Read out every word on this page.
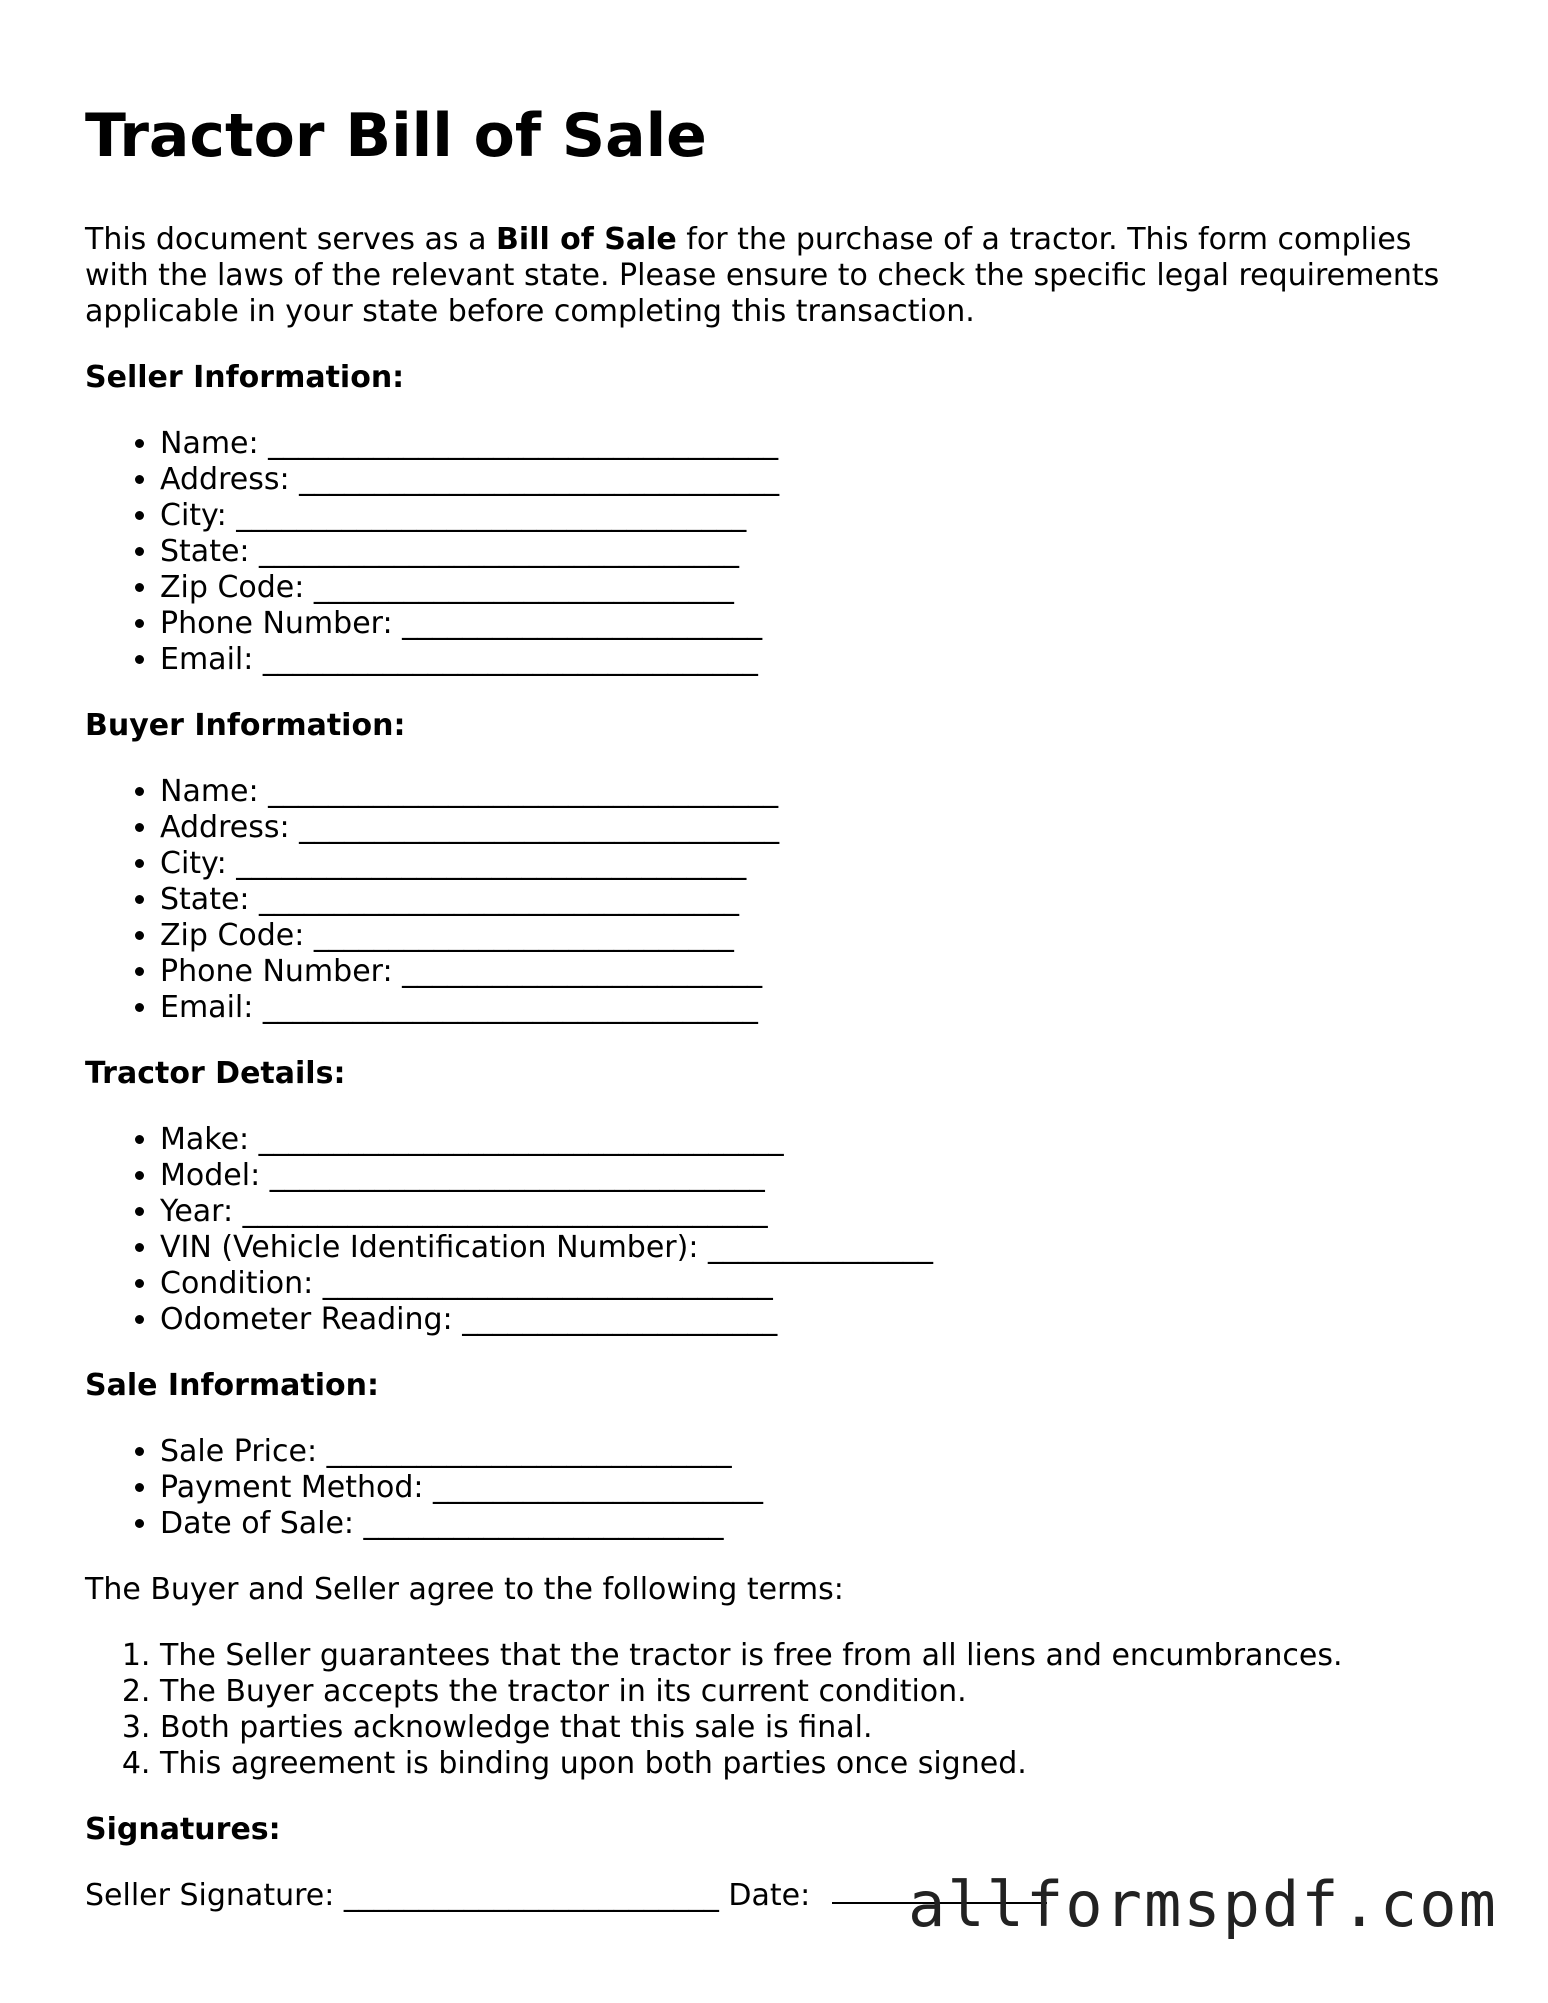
Tractor Bill of Sale

This document serves as a Bill of Sale for the purchase of a tractor. This form complies with the laws of the relevant state. Please ensure to check the specific legal requirements applicable in your state before completing this transaction.

Seller Information:
• Name: __________________________________
• Address: ________________________________
• City: __________________________________
• State: ________________________________
• Zip Code: ____________________________
• Phone Number: ________________________
• Email: _________________________________
Buyer Information:
• Name: __________________________________
• Address: ________________________________
• City: __________________________________
• State: ________________________________
• Zip Code: ____________________________
• Phone Number: ________________________
• Email: _________________________________
Tractor Details:
• Make: ___________________________________
• Model: _________________________________
• Year: ___________________________________
• VIN (Vehicle Identification Number): _______________
• Condition: ______________________________
• Odometer Reading: _____________________
Sale Information:
• Sale Price: ___________________________
• Payment Method: ______________________
• Date of Sale: ________________________

The Buyer and Seller agree to the following terms:

1. The Seller guarantees that the tractor is free from all liens and encumbrances.
2. The Buyer accepts the tractor in its current condition.
3. Both parties acknowledge that this sale is final.
4. This agreement is binding upon both parties once signed.
Signatures:

Seller Signature: _________________________ Date:	allformspdf.com
